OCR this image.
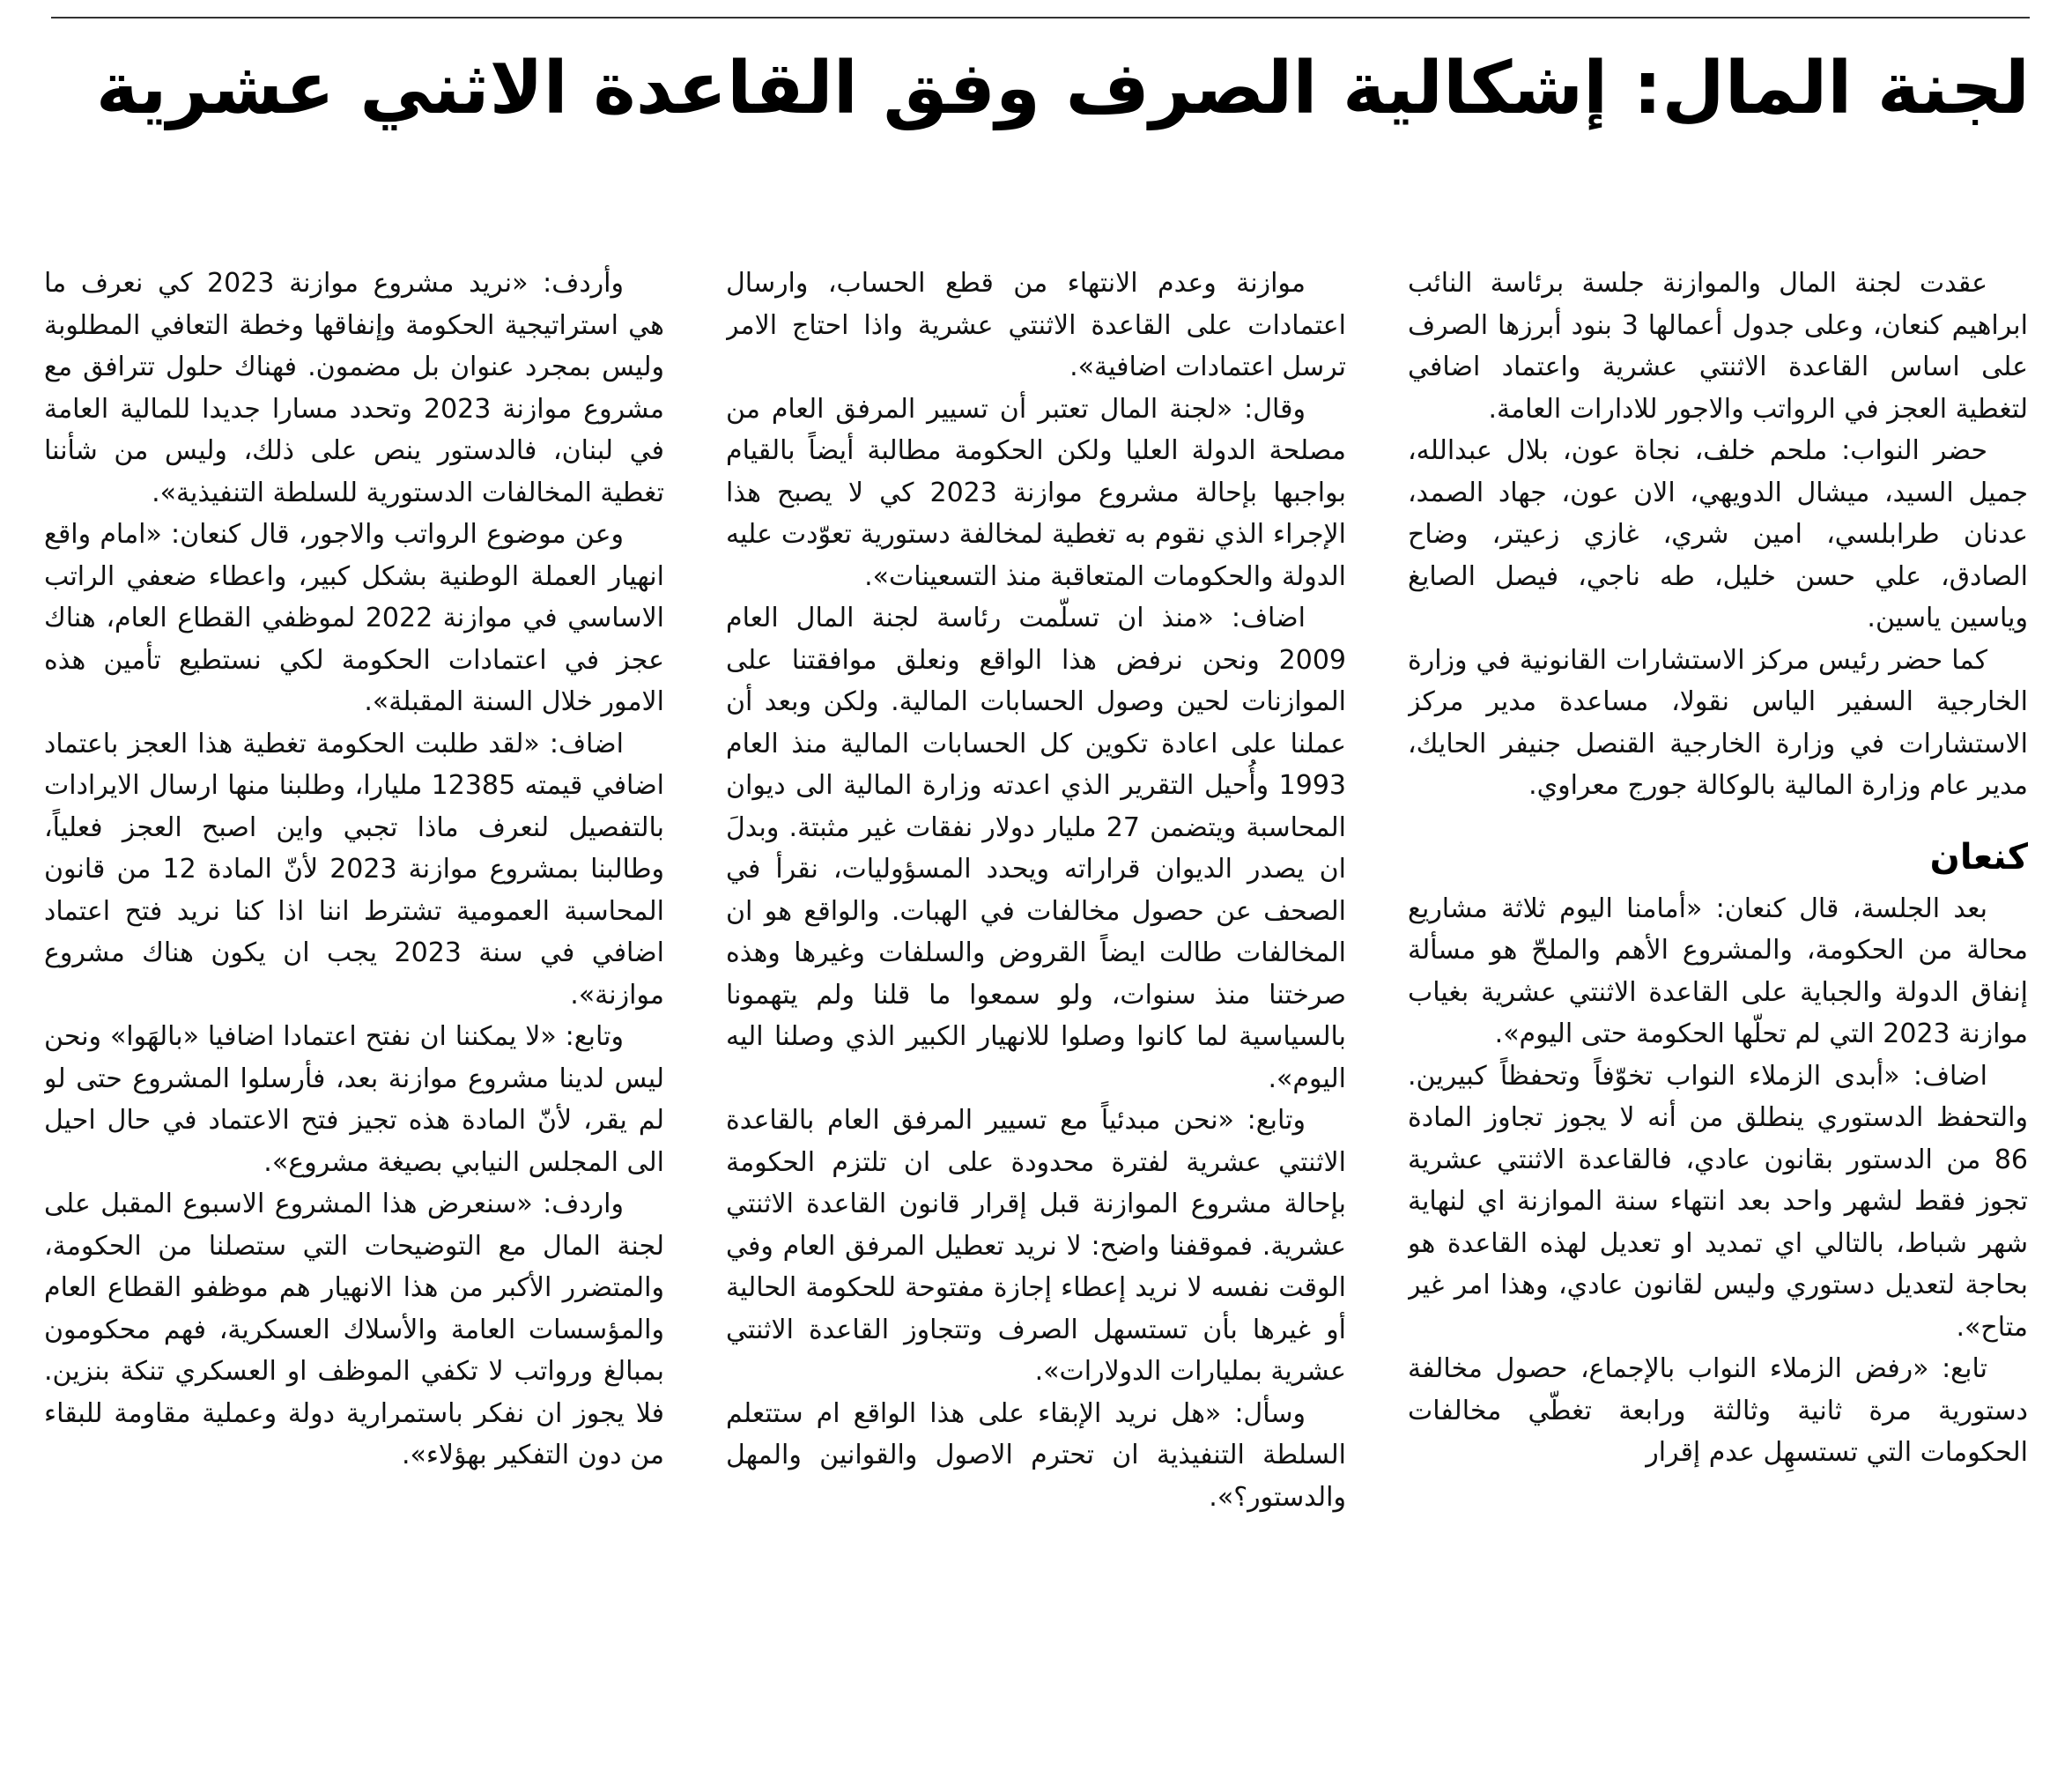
لجنة المال: إشكالية الصرف وفق القاعدة الاثني عشرية

عقدت لجنة المال والموازنة جلسة برئاسة النائب ابراهيم كنعان، وعلى جدول أعمالها 3 بنود أبرزها الصرف على اساس القاعدة الاثنتي عشرية واعتماد اضافي لتغطية العجز في الرواتب والاجور للادارات العامة.

حضر النواب: ملحم خلف، نجاة عون، بلال عبدالله، جميل السيد، ميشال الدويهي، الان عون، جهاد الصمد، عدنان طرابلسي، امين شري، غازي زعيتر، وضاح الصادق، علي حسن خليل، طه ناجي، فيصل الصايغ وياسين ياسين.

كما حضر رئيس مركز الاستشارات القانونية في وزارة الخارجية السفير الياس نقولا، مساعدة مدير مركز الاستشارات في وزارة الخارجية القنصل جنيفر الحايك، مدير عام وزارة المالية بالوكالة جورج معراوي.

كنعان

بعد الجلسة، قال كنعان: «أمامنا اليوم ثلاثة مشاريع محالة من الحكومة، والمشروع الأهم والملحّ هو مسألة إنفاق الدولة والجباية على القاعدة الاثنتي عشرية بغياب موازنة 2023 التي لم تحلّها الحكومة حتى اليوم».

اضاف: «أبدى الزملاء النواب تخوّفاً وتحفظاً كبيرين. والتحفظ الدستوري ينطلق من أنه لا يجوز تجاوز المادة 86 من الدستور بقانون عادي، فالقاعدة الاثنتي عشرية تجوز فقط لشهر واحد بعد انتهاء سنة الموازنة اي لنهاية شهر شباط، بالتالي اي تمديد او تعديل لهذه القاعدة هو بحاجة لتعديل دستوري وليس لقانون عادي، وهذا امر غير متاح».

تابع: «رفض الزملاء النواب بالإجماع، حصول مخالفة دستورية مرة ثانية وثالثة ورابعة تغطّي مخالفات الحكومات التي تستسهِل عدم إقرار

موازنة وعدم الانتهاء من قطع الحساب، وارسال اعتمادات على القاعدة الاثنتي عشرية واذا احتاج الامر ترسل اعتمادات اضافية».

وقال: «لجنة المال تعتبر أن تسيير المرفق العام من مصلحة الدولة العليا ولكن الحكومة مطالبة أيضاً بالقيام بواجبها بإحالة مشروع موازنة 2023 كي لا يصبح هذا الإجراء الذي نقوم به تغطية لمخالفة دستورية تعوّدت عليه الدولة والحكومات المتعاقبة منذ التسعينات».

اضاف: «منذ ان تسلّمت رئاسة لجنة المال العام 2009 ونحن نرفض هذا الواقع ونعلق موافقتنا على الموازنات لحين وصول الحسابات المالية. ولكن وبعد أن عملنا على اعادة تكوين كل الحسابات المالية منذ العام 1993 وأُحيل التقرير الذي اعدته وزارة المالية الى ديوان المحاسبة ويتضمن 27 مليار دولار نفقات غير مثبتة. وبدلَ ان يصدر الديوان قراراته ويحدد المسؤوليات، نقرأ في الصحف عن حصول مخالفات في الهبات. والواقع هو ان المخالفات طالت ايضاً القروض والسلفات وغيرها وهذه صرختنا منذ سنوات، ولو سمعوا ما قلنا ولم يتهمونا بالسياسية لما كانوا وصلوا للانهيار الكبير الذي وصلنا اليه اليوم».

وتابع: «نحن مبدئياً مع تسيير المرفق العام بالقاعدة الاثنتي عشرية لفترة محدودة على ان تلتزم الحكومة بإحالة مشروع الموازنة قبل إقرار قانون القاعدة الاثنتي عشرية. فموقفنا واضح: لا نريد تعطيل المرفق العام وفي الوقت نفسه لا نريد إعطاء إجازة مفتوحة للحكومة الحالية أو غيرها بأن تستسهل الصرف وتتجاوز القاعدة الاثنتي عشرية بمليارات الدولارات».

وسأل: «هل نريد الإبقاء على هذا الواقع ام ستتعلم السلطة التنفيذية ان تحترم الاصول والقوانين والمهل والدستور؟».

وأردف: «نريد مشروع موازنة 2023 كي نعرف ما هي استراتيجية الحكومة وإنفاقها وخطة التعافي المطلوبة وليس بمجرد عنوان بل مضمون. فهناك حلول تترافق مع مشروع موازنة 2023 وتحدد مسارا جديدا للمالية العامة في لبنان، فالدستور ينص على ذلك، وليس من شأننا تغطية المخالفات الدستورية للسلطة التنفيذية».

وعن موضوع الرواتب والاجور، قال كنعان: «امام واقع انهيار العملة الوطنية بشكل كبير، واعطاء ضعفي الراتب الاساسي في موازنة 2022 لموظفي القطاع العام، هناك عجز في اعتمادات الحكومة لكي نستطيع تأمين هذه الامور خلال السنة المقبلة».

اضاف: «لقد طلبت الحكومة تغطية هذا العجز باعتماد اضافي قيمته 12385 مليارا، وطلبنا منها ارسال الايرادات بالتفصيل لنعرف ماذا تجبي واين اصبح العجز فعلياً، وطالبنا بمشروع موازنة 2023 لأنّ المادة 12 من قانون المحاسبة العمومية تشترط اننا اذا كنا نريد فتح اعتماد اضافي في سنة 2023 يجب ان يكون هناك مشروع موازنة».

وتابع: «لا يمكننا ان نفتح اعتمادا اضافيا «بالهَوا» ونحن ليس لدينا مشروع موازنة بعد، فأرسلوا المشروع حتى لو لم يقر، لأنّ المادة هذه تجيز فتح الاعتماد في حال احيل الى المجلس النيابي بصيغة مشروع».

واردف: «سنعرض هذا المشروع الاسبوع المقبل على لجنة المال مع التوضيحات التي ستصلنا من الحكومة، والمتضرر الأكبر من هذا الانهيار هم موظفو القطاع العام والمؤسسات العامة والأسلاك العسكرية، فهم محكومون بمبالغ ورواتب لا تكفي الموظف او العسكري تنكة بنزين. فلا يجوز ان نفكر باستمرارية دولة وعملية مقاومة للبقاء من دون التفكير بهؤلاء».
